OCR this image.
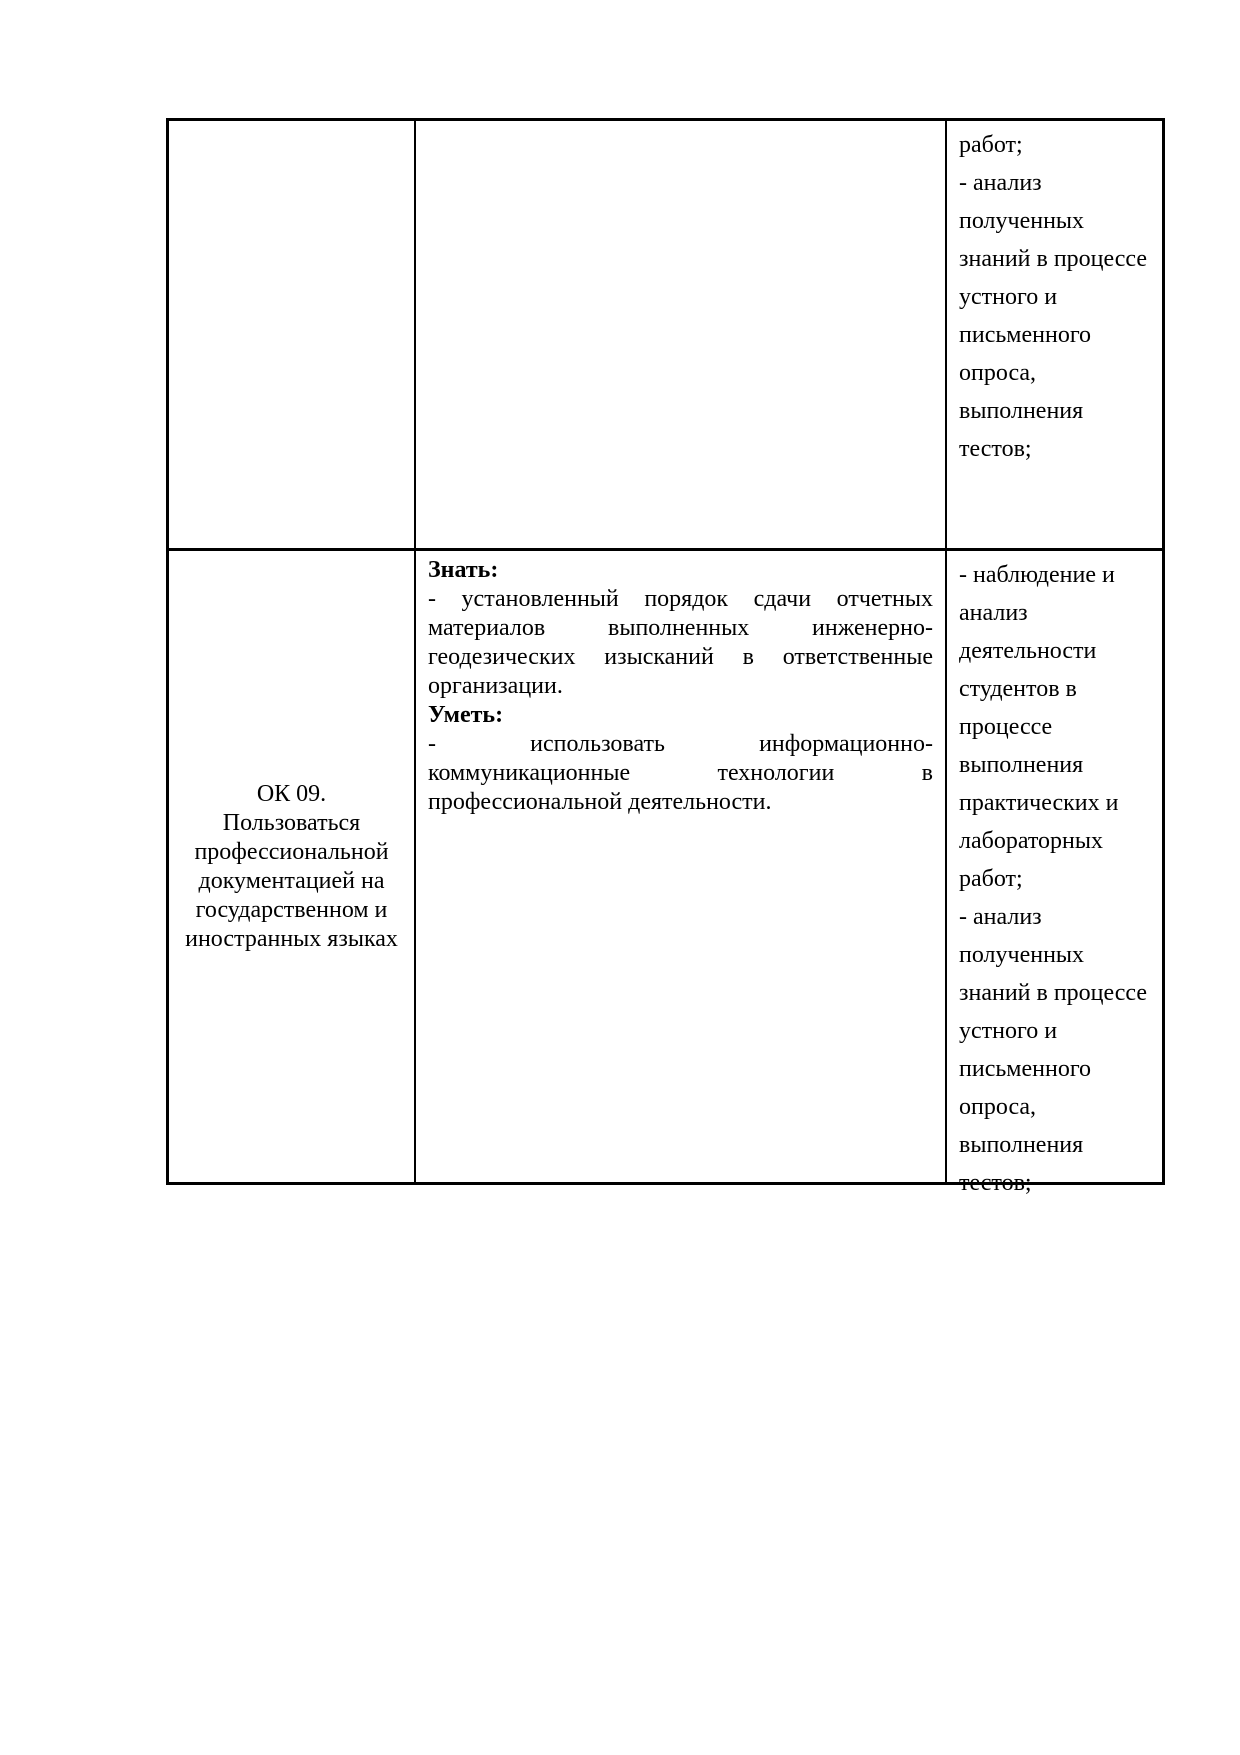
работ;
- анализ
полученных
знаний в процессе
устного и
письменного
опроса,
выполнения
тестов;
ОК 09.
Пользоваться
профессиональной
документацией на
государственном и
иностранных языках
Знать:
- установленный порядок сдачи отчетных
материалов выполненных инженерно-
геодезических изысканий в ответственные
организации.
Уметь:
- использовать информационно-
коммуникационные технологии в
профессиональной деятельности.
- наблюдение и
анализ
деятельности
студентов в
процессе
выполнения
практических и
лабораторных
работ;
- анализ
полученных
знаний в процессе
устного и
письменного
опроса,
выполнения
тестов;
